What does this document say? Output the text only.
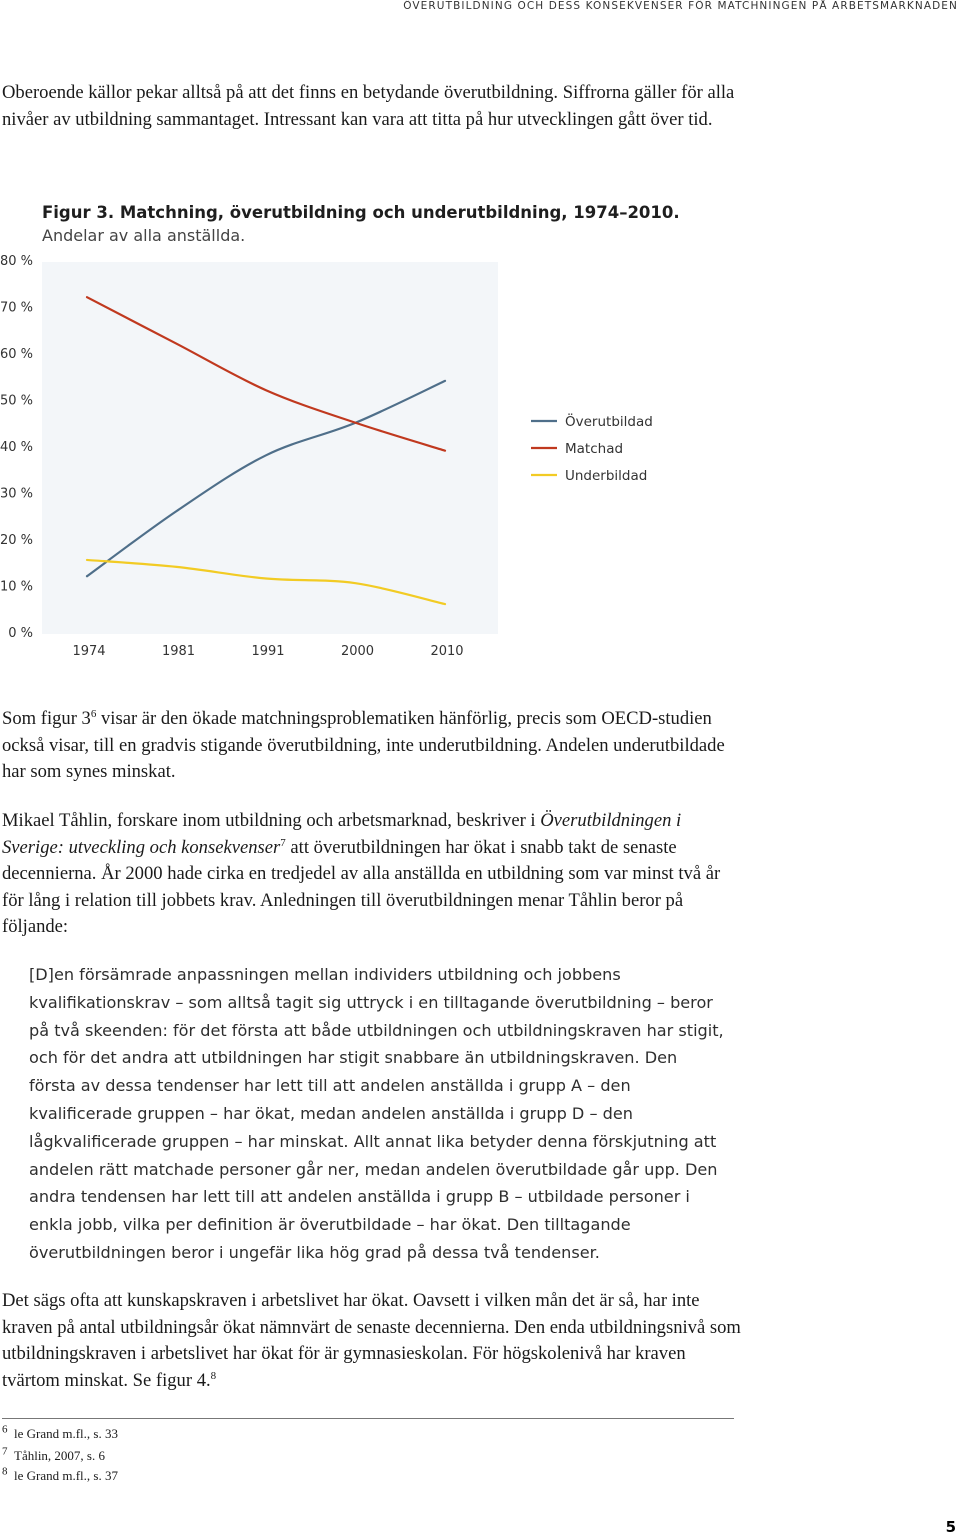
ÖVERUTBILDNING OCH DESS KONSEKVENSER FÖR MATCHNINGEN PÅ ARBETSMARKNADEN

Oberoende källor pekar alltså på att det finns en betydande överutbildning. Siffrorna gäller för alla nivåer av utbildning sammantaget. Intressant kan vara att titta på hur utvecklingen gått över tid.

Figur 3. Matchning, överutbildning och underutbildning, 1974–2010.
Andelar av alla anställda.
0 %
10 %
20 %
30 %
40 %
50 %
60 %
70 %
80 %
1974	1981	1991	2000	2010
Överutbildad
Matchad
Underbildad

Som figur $3^6$ visar är den ökade matchningsproblematiken hänförlig, precis som OECD-studien också visar, till en gradvis stigande överutbildning, inte underutbildning. Andelen underutbildade har som synes minskat.

Mikael Tåhlin, forskare inom utbildning och arbetsmarknad, beskriver i Överutbildningen i Sverige: utveckling och konsekvenser$^7$ att överutbildningen har ökat i snabb takt de senaste decennierna. År 2000 hade cirka en tredjedel av alla anställda en utbildning som var minst två år för lång i relation till jobbets krav. Anledningen till överutbildningen menar Tåhlin beror på följande:

[D]en försämrade anpassningen mellan individers utbildning och jobbens kvalifikationskrav – som alltså tagit sig uttryck i en tilltagande överutbildning – beror på två skeenden: för det första att både utbildningen och utbildningskraven har stigit, och för det andra att utbildningen har stigit snabbare än utbildningskraven. Den första av dessa tendenser har lett till att andelen anställda i grupp A – den kvalificerade gruppen – har ökat, medan andelen anställda i grupp D – den lågkvalificerade gruppen – har minskat. Allt annat lika betyder denna förskjutning att andelen rätt matchade personer går ner, medan andelen överutbildade går upp. Den andra tendensen har lett till att andelen anställda i grupp B – utbildade personer i enkla jobb, vilka per definition är överutbildade – har ökat. Den tilltagande överutbildningen beror i ungefär lika hög grad på dessa två tendenser.

Det sägs ofta att kunskapskraven i arbetslivet har ökat. Oavsett i vilken mån det är så, har inte kraven på antal utbildningsår ökat nämnvärt de senaste decennierna. Den enda utbildningsnivå som utbildningskraven i arbetslivet har ökat för är gymnasieskolan. För högskolenivå har kraven tvärtom minskat. Se figur 4.$^8$

$^6$ le Grand m.fl., s. 33
$^7$ Tåhlin, 2007, s. 6
$^8$ le Grand m.fl., s. 37
5
